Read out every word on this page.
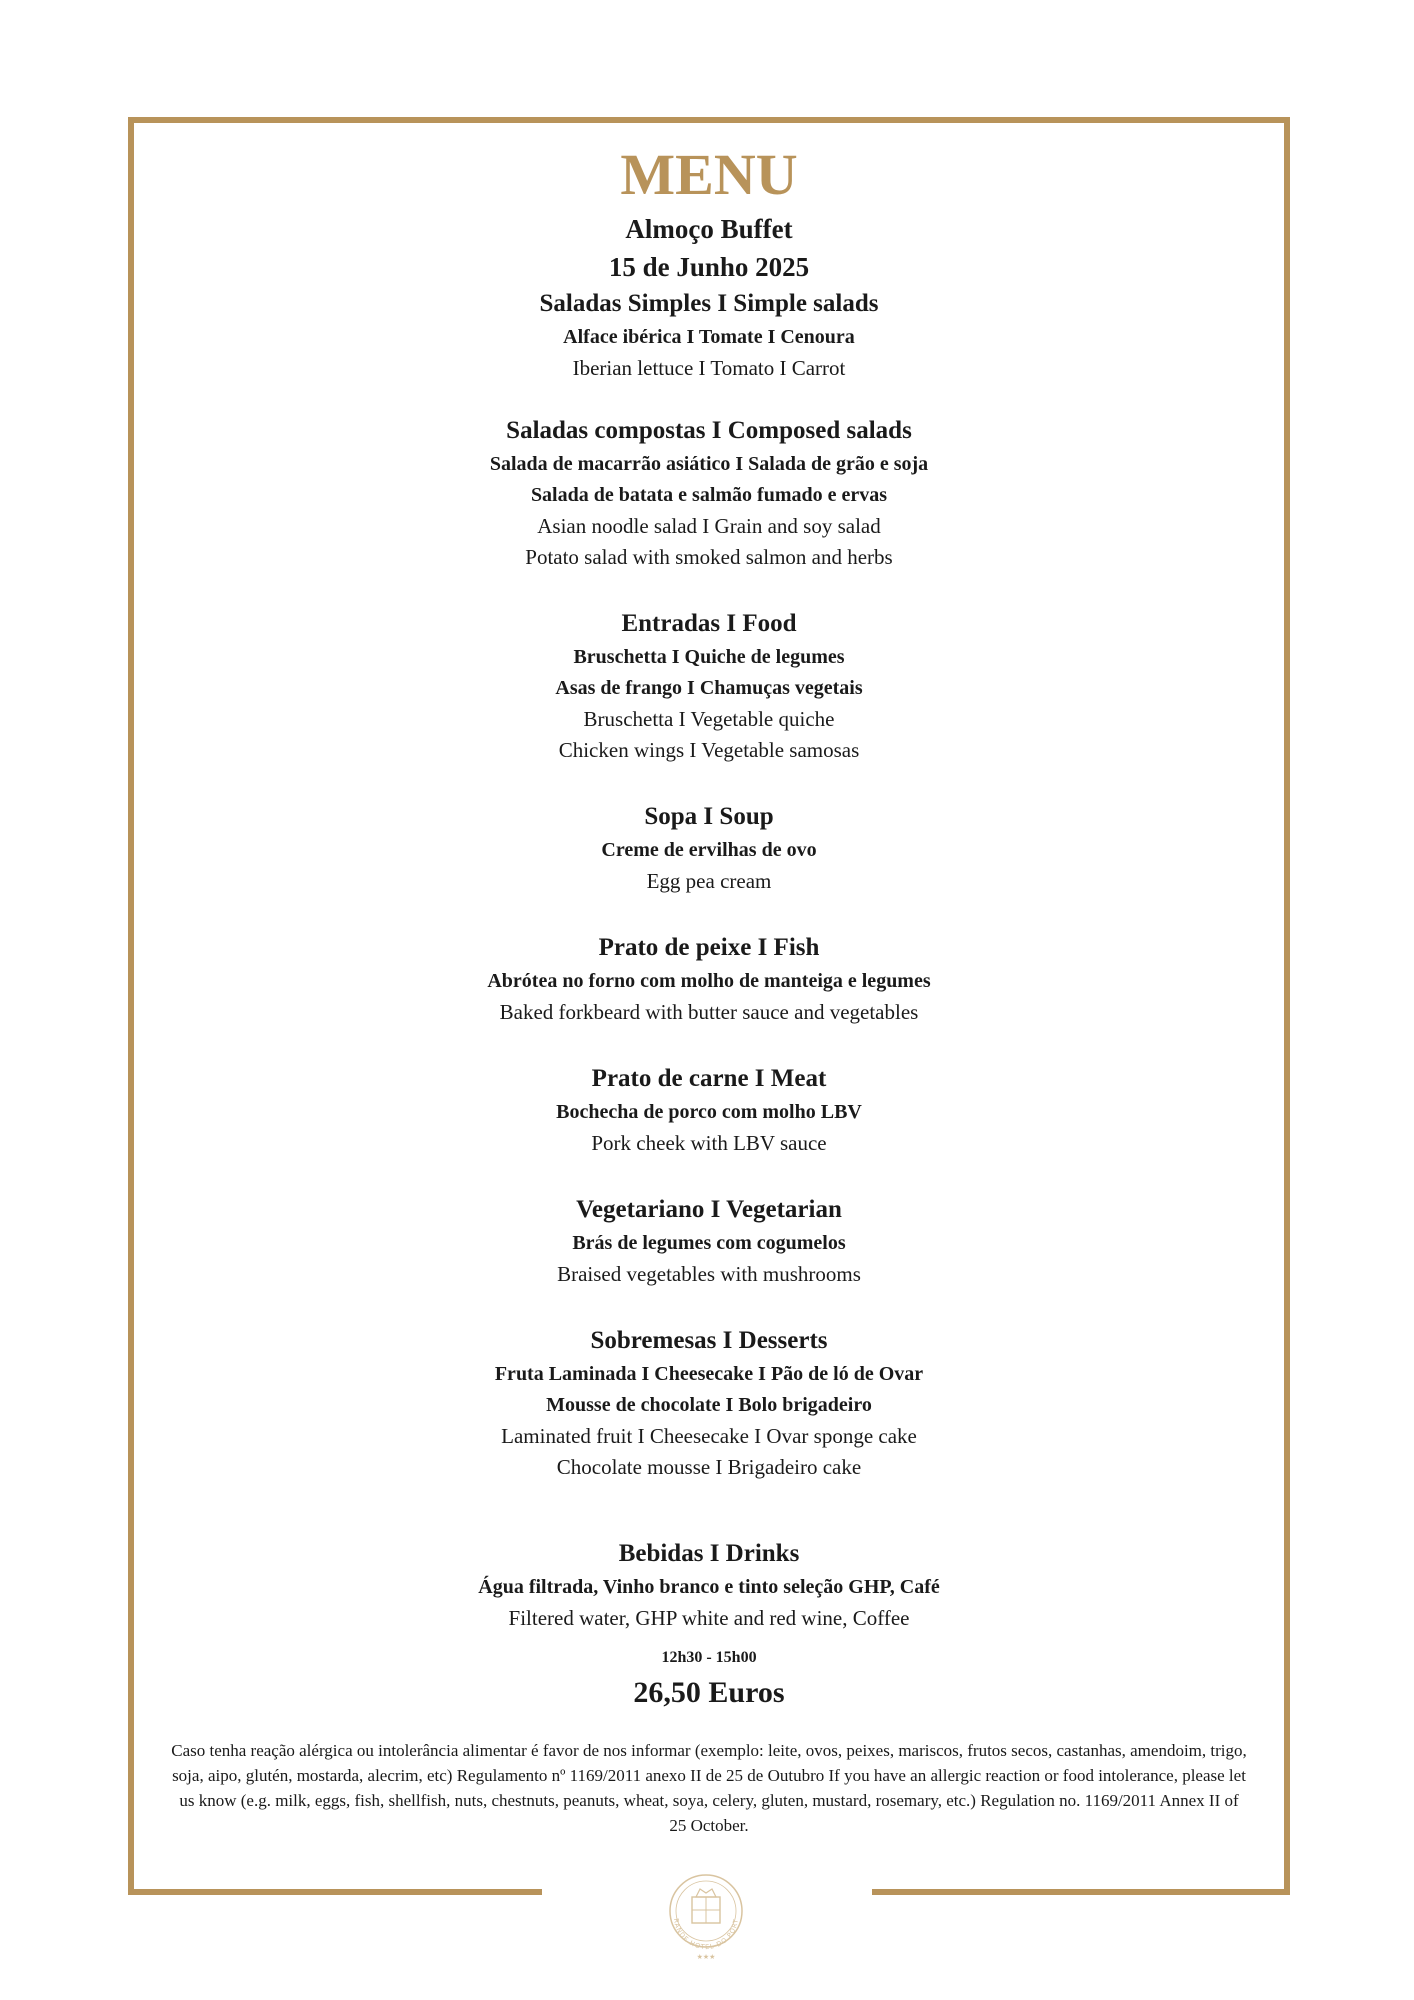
MENU
Almoço Buffet
15 de Junho 2025
Saladas Simples I Simple salads
Alface ibérica I Tomate I Cenoura
Iberian lettuce I Tomato I Carrot
Saladas compostas I Composed salads
Salada de macarrão asiático I Salada de grão e soja
Salada de batata e salmão fumado e ervas
Asian noodle salad I Grain and soy salad
Potato salad with smoked salmon and herbs
Entradas I Food
Bruschetta I Quiche de legumes
Asas de frango I Chamuças vegetais
Bruschetta I Vegetable quiche
Chicken wings I Vegetable samosas
Sopa I Soup
Creme de ervilhas de ovo
Egg pea cream
Prato de peixe I Fish
Abrótea no forno com molho de manteiga e legumes
Baked forkbeard with butter sauce and vegetables
Prato de carne I Meat
Bochecha de porco com molho LBV
Pork cheek with LBV sauce
Vegetariano I Vegetarian
Brás de legumes com cogumelos
Braised vegetables with mushrooms
Sobremesas I Desserts
Fruta Laminada I Cheesecake I Pão de ló de Ovar
Mousse de chocolate I Bolo brigadeiro
Laminated fruit I Cheesecake I Ovar sponge cake
Chocolate mousse I Brigadeiro cake
Bebidas I Drinks
Água filtrada, Vinho branco e tinto seleção GHP, Café
Filtered water, GHP white and red wine, Coffee
12h30 - 15h00
26,50 Euros
Caso tenha reação alérgica ou intolerância alimentar é favor de nos informar (exemplo: leite, ovos, peixes, mariscos, frutos secos, castanhas, amendoim, trigo, soja, aipo, glutén, mostarda, alecrim, etc) Regulamento nº 1169/2011 anexo II de 25 de Outubro If you have an allergic reaction or food intolerance, please let us know (e.g. milk, eggs, fish, shellfish, nuts, chestnuts, peanuts, wheat, soya, celery, gluten, mustard, rosemary, etc.) Regulation no. 1169/2011 Annex II of 25 October.
RANDE HOTEL DO PORT
★★★
